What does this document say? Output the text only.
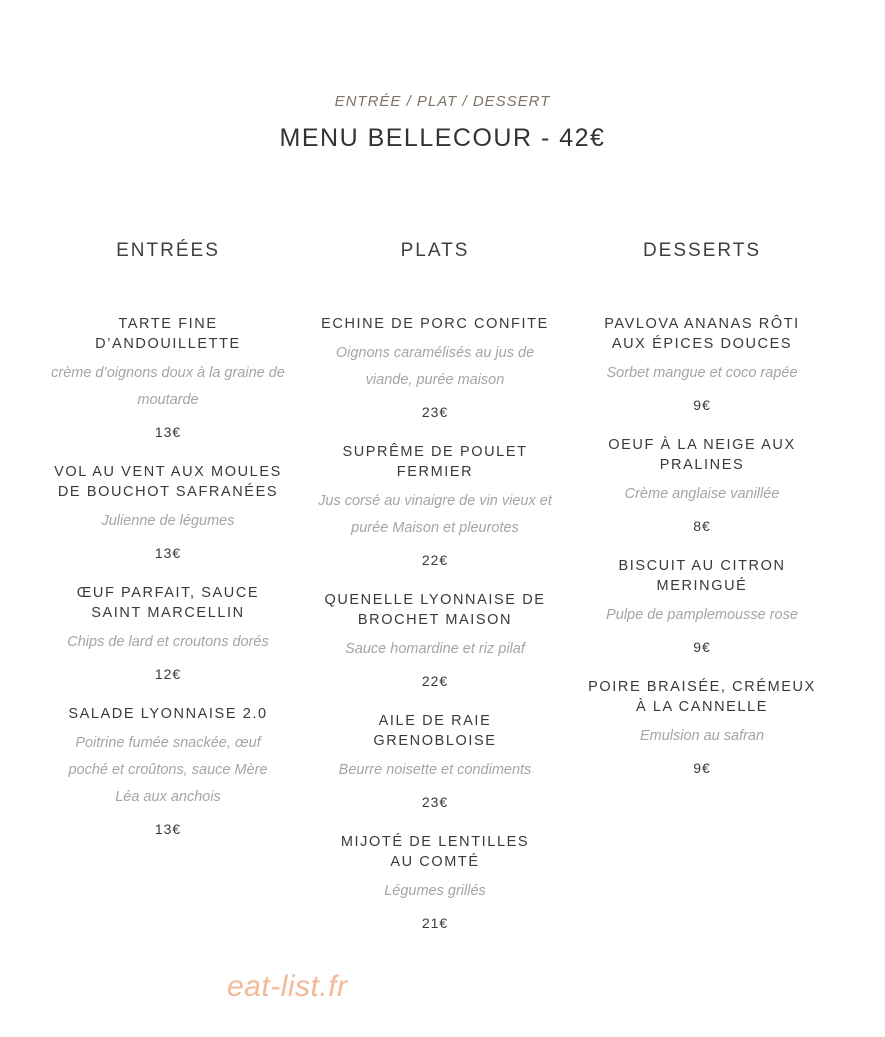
ENTRÉE / PLAT / DESSERT

MENU BELLECOUR - 42€
ENTRÉES

TARTE FINE D’ANDOUILLETTE

crème d’oignons doux à la graine de moutarde

13€

VOL AU VENT AUX MOULES DE BOUCHOT SAFRANÉES

Julienne de légumes

13€

ŒUF PARFAIT, SAUCE SAINT MARCELLIN

Chips de lard et croutons dorés

12€

SALADE LYONNAISE 2.0

Poitrine fumée snackée, œuf poché et croûtons, sauce Mère Léa aux anchois

13€

PLATS

ECHINE DE PORC CONFITE

Oignons caramélisés au jus de viande, purée maison

23€

SUPRÊME DE POULET FERMIER

Jus corsé au vinaigre de vin vieux et purée Maison et pleurotes

22€

QUENELLE LYONNAISE DE BROCHET MAISON

Sauce homardine et riz pilaf

22€

AILE DE RAIE GRENOBLOISE

Beurre noisette et condiments

23€

MIJOTÉ DE LENTILLES AU COMTÉ

Légumes grillés

21€

DESSERTS

PAVLOVA ANANAS RÔTI AUX ÉPICES DOUCES

Sorbet mangue et coco rapée

9€

OEUF À LA NEIGE AUX PRALINES

Crème anglaise vanillée

8€

BISCUIT AU CITRON MERINGUÉ

Pulpe de pamplemousse rose

9€

POIRE BRAISÉE, CRÉMEUX À LA CANNELLE

Emulsion au safran

9€

eat-list.fr
